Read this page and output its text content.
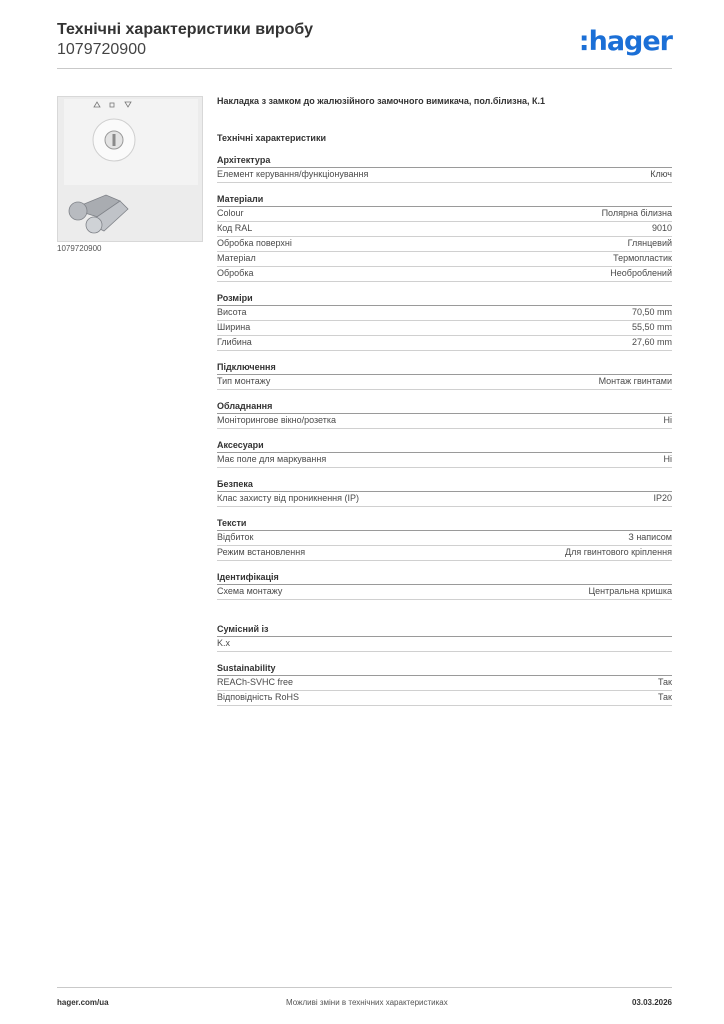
Технічні характеристики виробу
1079720900	:hager
1079720900
Накладка з замком до жалюзійного замочного вимикача, пол.білизна, К.1
Технічні характеристики
Архітектура
Елемент керування/функціонування	Ключ
Матеріали
Colour	Полярна білизна
Код RAL	9010
Обробка поверхні	Глянцевий
Матеріал	Термопластик
Обробка	Необроблений
Розміри
Висота	70,50 mm
Ширина	55,50 mm
Глибина	27,60 mm
Підключення
Тип монтажу	Монтаж гвинтами
Обладнання
Моніторингове вікно/розетка	Ні
Аксесуари
Має поле для маркування	Ні
Безпека
Клас захисту від проникнення (IP)	IP20
Тексти
Відбиток	З написом
Режим встановлення	Для гвинтового кріплення
Ідентифікація
Схема монтажу	Центральна кришка
Сумісний із
K.x
Sustainability
REACh-SVHC free	Так
Відповідність RoHS	Так
hager.com/ua	Можливі зміни в технічних характеристиках	03.03.2026
